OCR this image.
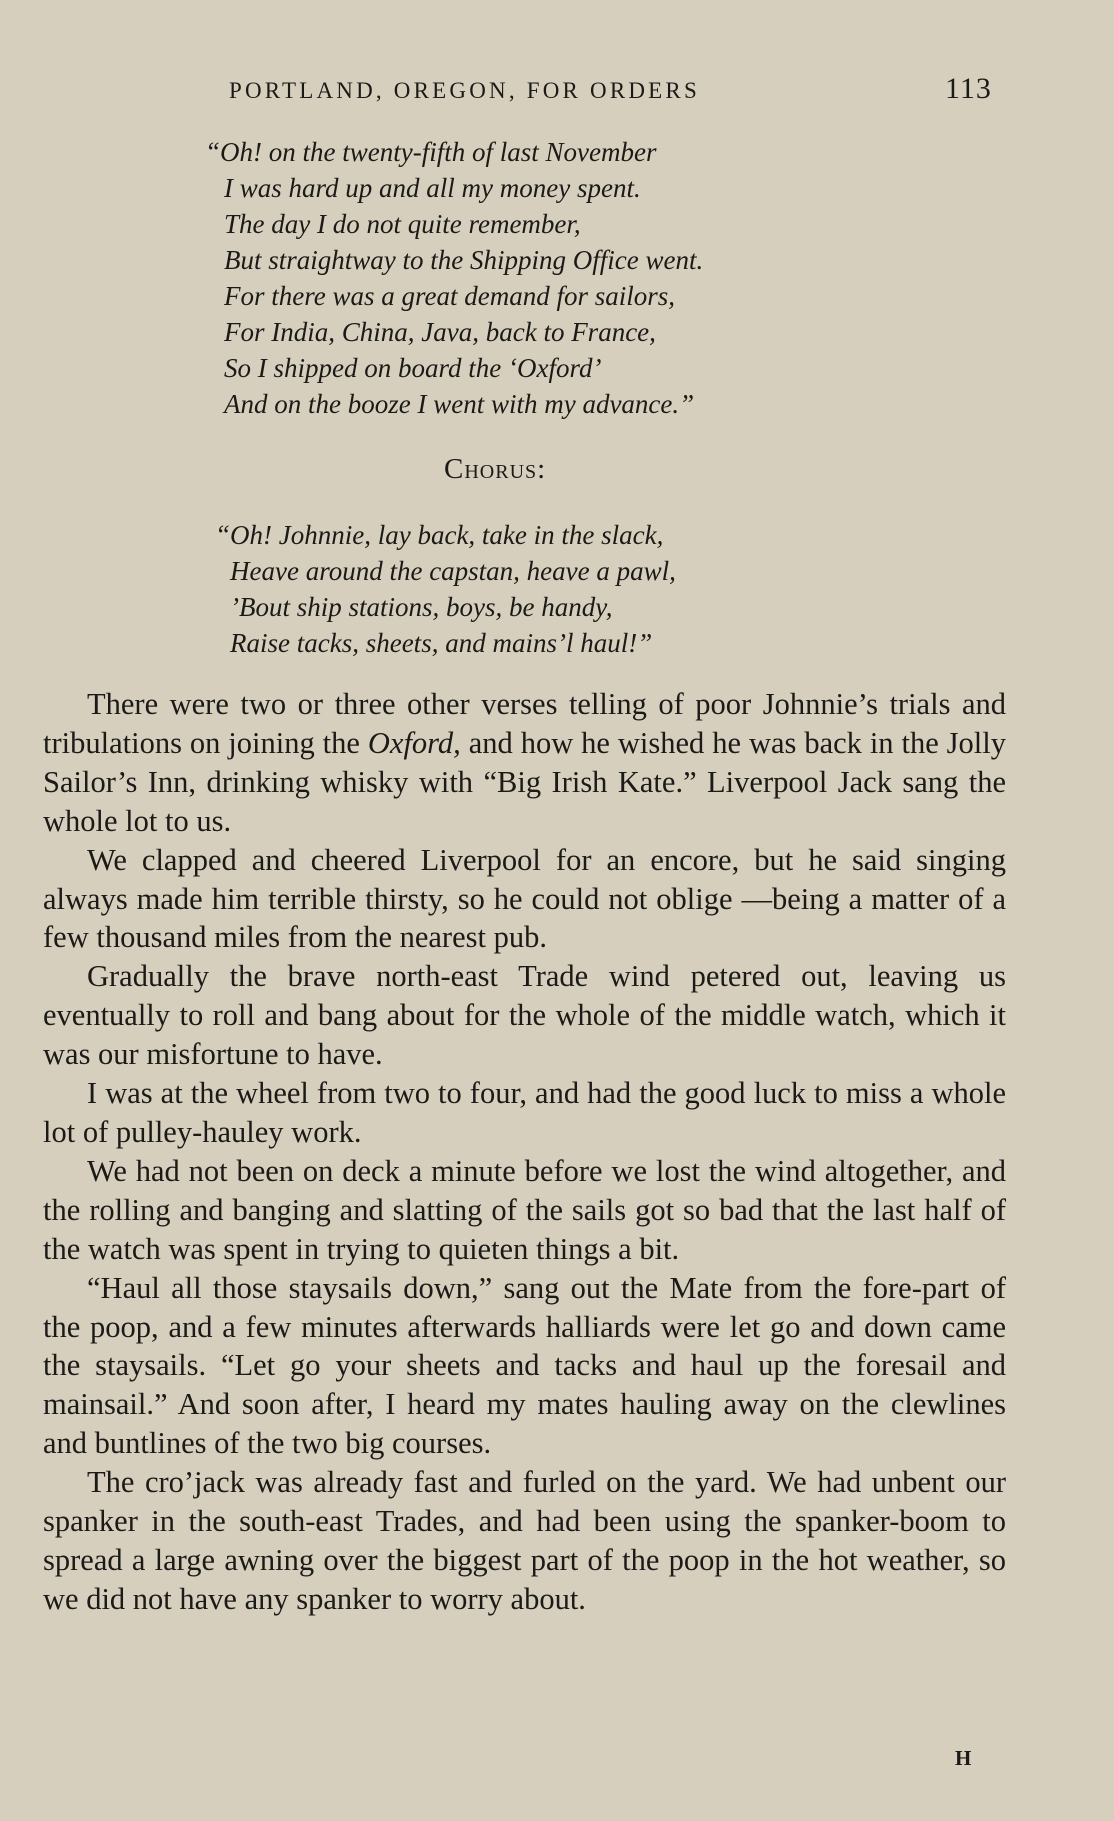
PORTLAND, OREGON, FOR ORDERS	113
“Oh! on the twenty-fifth of last November
I was hard up and all my money spent.
The day I do not quite remember,
But straightway to the Shipping Office went.
For there was a great demand for sailors,
For India, China, Java, back to France,
So I shipped on board the ‘Oxford’
And on the booze I went with my advance.”
Chorus:
“Oh! Johnnie, lay back, take in the slack,
Heave around the capstan, heave a pawl,
’Bout ship stations, boys, be handy,
Raise tacks, sheets, and mains’l haul!”

There were two or three other verses telling of poor Johnnie’s trials and tribulations on joining the Oxford, and how he wished he was back in the Jolly Sailor’s Inn, drinking whisky with “Big Irish Kate.” Liverpool Jack sang the whole lot to us.

We clapped and cheered Liverpool for an encore, but he said singing always made him terrible thirsty, so he could not oblige —being a matter of a few thousand miles from the nearest pub.

Gradually the brave north-east Trade wind petered out, leaving us eventually to roll and bang about for the whole of the middle watch, which it was our misfortune to have.

I was at the wheel from two to four, and had the good luck to miss a whole lot of pulley-hauley work.

We had not been on deck a minute before we lost the wind altogether, and the rolling and banging and slatting of the sails got so bad that the last half of the watch was spent in trying to quieten things a bit.

“Haul all those staysails down,” sang out the Mate from the fore-part of the poop, and a few minutes afterwards halliards were let go and down came the staysails. “Let go your sheets and tacks and haul up the foresail and mainsail.” And soon after, I heard my mates hauling away on the clewlines and buntlines of the two big courses.

The cro’jack was already fast and furled on the yard. We had unbent our spanker in the south-east Trades, and had been using the spanker-boom to spread a large awning over the biggest part of the poop in the hot weather, so we did not have any spanker to worry about.

H
